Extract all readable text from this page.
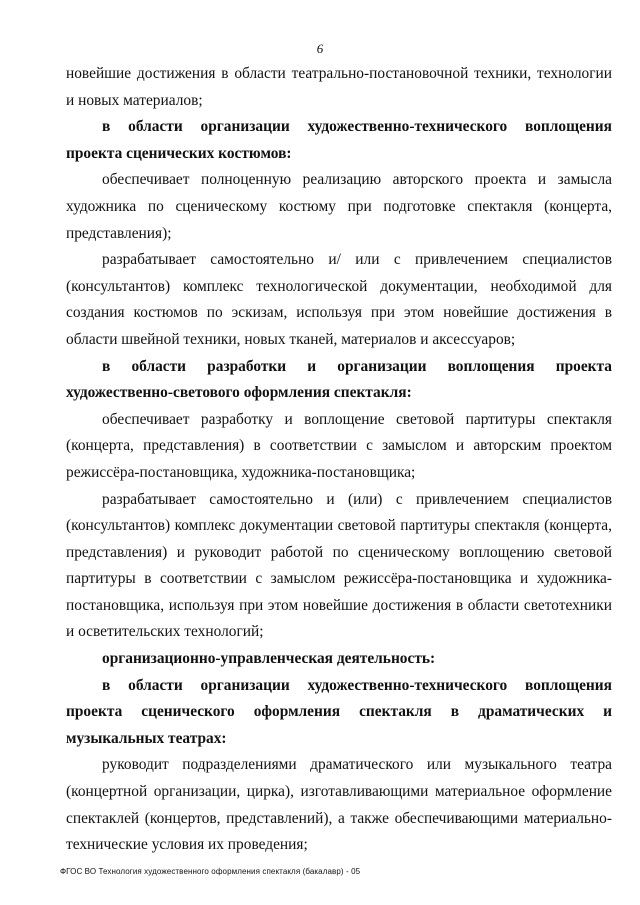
6

новейшие достижения в области театрально-постановочной техники, технологии и новых материалов;

в области организации художественно-технического воплощения проекта сценических костюмов:

обеспечивает полноценную реализацию авторского проекта и замысла художника по сценическому костюму при подготовке спектакля (концерта, представления);

разрабатывает самостоятельно и/ или с привлечением специалистов (консультантов) комплекс технологической документации, необходимой для создания костюмов по эскизам, используя при этом новейшие достижения в области швейной техники, новых тканей, материалов и аксессуаров;

в области разработки и организации воплощения проекта художественно-светового оформления спектакля:

обеспечивает разработку и воплощение световой партитуры спектакля (концерта, представления) в соответствии с замыслом и авторским проектом режиссёра-постановщика, художника-постановщика;

разрабатывает самостоятельно и (или) с привлечением специалистов (консультантов) комплекс документации световой партитуры спектакля (концерта, представления) и руководит работой по сценическому воплощению световой партитуры в соответствии с замыслом режиссёра-постановщика и художника-постановщика, используя при этом новейшие достижения в области светотехники и осветительских технологий;

организационно-управленческая деятельность:

в области организации художественно-технического воплощения проекта сценического оформления спектакля в драматических и музыкальных театрах:

руководит подразделениями драматического или музыкального театра (концертной организации, цирка), изготавливающими материальное оформление спектаклей (концертов, представлений), а также обеспечивающими материально-технические условия их проведения;

ФГОС ВО Технология художественного оформления спектакля (бакалавр) - 05
